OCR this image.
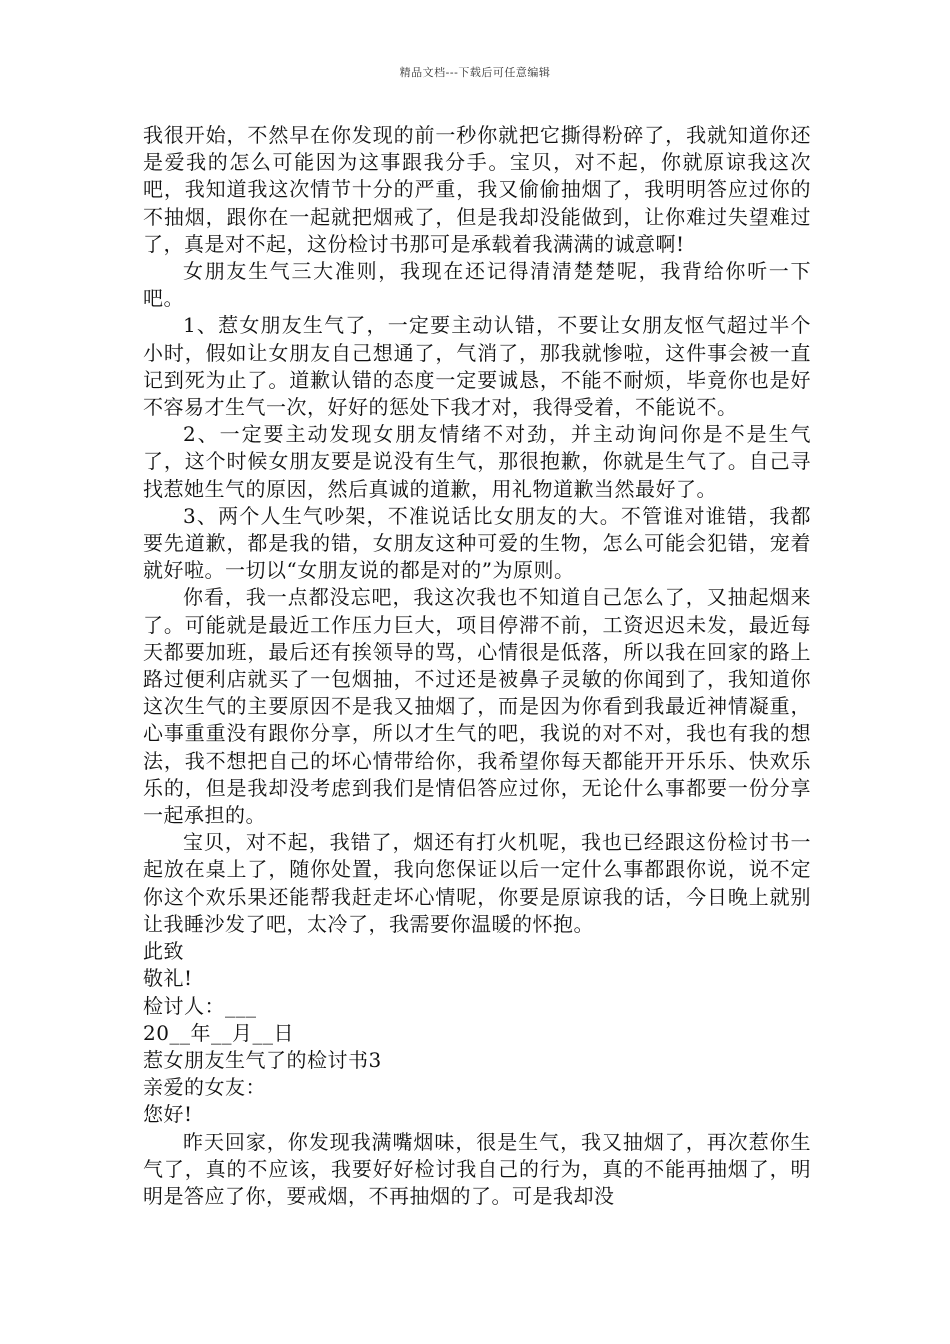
精品文档---下载后可任意编辑

我很开始，不然早在你发现的前一秒你就把它撕得粉碎了，我就知道你还是爱我的怎么可能因为这事跟我分手。宝贝，对不起，你就原谅我这次吧，我知道我这次情节十分的严重，我又偷偷抽烟了，我明明答应过你的不抽烟，跟你在一起就把烟戒了，但是我却没能做到，让你难过失望难过了，真是对不起，这份检讨书那可是承载着我满满的诚意啊!

女朋友生气三大准则，我现在还记得清清楚楚呢，我背给你听一下吧。

1、惹女朋友生气了，一定要主动认错，不要让女朋友怄气超过半个小时，假如让女朋友自己想通了，气消了，那我就惨啦，这件事会被一直记到死为止了。道歉认错的态度一定要诚恳，不能不耐烦，毕竟你也是好不容易才生气一次，好好的惩处下我才对，我得受着，不能说不。

2、一定要主动发现女朋友情绪不对劲，并主动询问你是不是生气了，这个时候女朋友要是说没有生气，那很抱歉，你就是生气了。自己寻找惹她生气的原因，然后真诚的道歉，用礼物道歉当然最好了。

3、两个人生气吵架，不准说话比女朋友的大。不管谁对谁错，我都要先道歉，都是我的错，女朋友这种可爱的生物，怎么可能会犯错，宠着就好啦。一切以“女朋友说的都是对的”为原则。

你看，我一点都没忘吧，我这次我也不知道自己怎么了，又抽起烟来了。可能就是最近工作压力巨大，项目停滞不前，工资迟迟未发，最近每天都要加班，最后还有挨领导的骂，心情很是低落，所以我在回家的路上路过便利店就买了一包烟抽，不过还是被鼻子灵敏的你闻到了，我知道你这次生气的主要原因不是我又抽烟了，而是因为你看到我最近神情凝重，心事重重没有跟你分享，所以才生气的吧，我说的对不对，我也有我的想法，我不想把自己的坏心情带给你，我希望你每天都能开开乐乐、快欢乐乐的，但是我却没考虑到我们是情侣答应过你，无论什么事都要一份分享一起承担的。

宝贝，对不起，我错了，烟还有打火机呢，我也已经跟这份检讨书一起放在桌上了，随你处置，我向您保证以后一定什么事都跟你说，说不定你这个欢乐果还能帮我赶走坏心情呢，你要是原谅我的话，今日晚上就别让我睡沙发了吧，太冷了，我需要你温暖的怀抱。

此致

敬礼!

检讨人：___

20__年__月__日

惹女朋友生气了的检讨书3

亲爱的女友：

您好!

昨天回家，你发现我满嘴烟味，很是生气，我又抽烟了，再次惹你生气了，真的不应该，我要好好检讨我自己的行为，真的不能再抽烟了，明明是答应了你，要戒烟，不再抽烟的了。可是我却没
